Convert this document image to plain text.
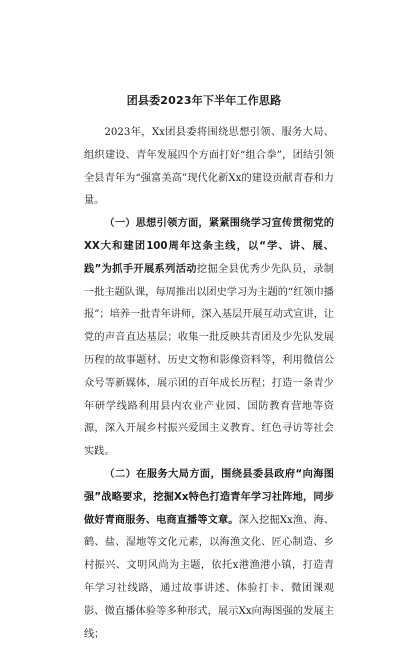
团县委2023年下半年工作思路

2023年，Xx团县委将围绕思想引领、服务大局、组织建设、青年发展四个方面打好“组合拳”，团结引领全县青年为“强富美高”现代化新Xx的建设贡献青春和力量。

（一）思想引领方面，紧紧围绕学习宣传贯彻党的XX大和建团100周年这条主线，以“学、讲、展、践”为抓手开展系列活动挖掘全县优秀少先队员，录制一批主题队课，每周推出以团史学习为主题的“红领巾播报”；培养一批青年讲师，深入基层开展互动式宣讲，让党的声音直达基层；收集一批反映共青团及少先队发展历程的故事题材、历史文物和影像资料等，利用微信公众号等新媒体，展示团的百年成长历程；打造一条青少年研学线路利用县内农业产业园、国防教育营地等资源，深入开展乡村振兴爱国主义教育、红色寻访等社会实践。

（二）在服务大局方面，围绕县委县政府“向海图强”战略要求，挖掘Xx特色打造青年学习社阵地，同步做好青商服务、电商直播等文章。深入挖掘Xx渔、海、鹤、盐、湿地等文化元素，以海渔文化、匠心制造、乡村振兴、文明风尚为主题，依托x港渔港小镇，打造青年学习社线路，通过故事讲述、体验打卡、微团课观影、微直播体验等多种形式，展示Xx向海图强的发展主线；
